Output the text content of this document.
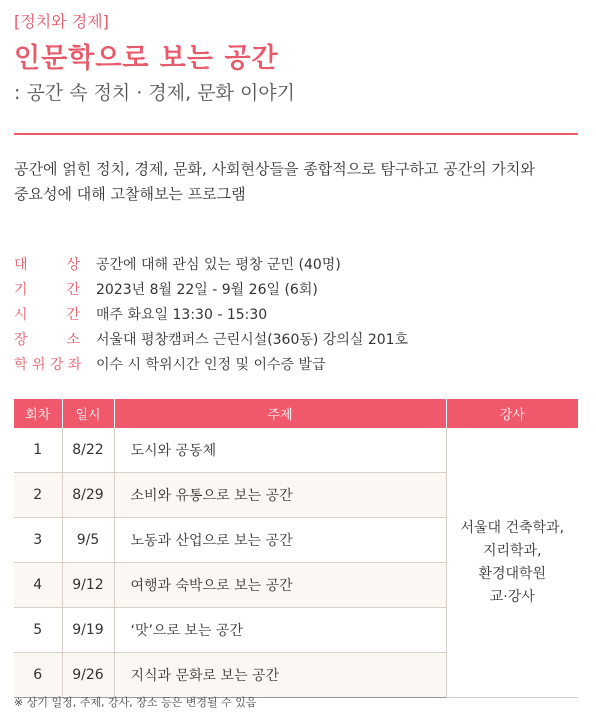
[정치와 경제]
인문학으로 보는 공간
: 공간 속 정치 · 경제, 문화 이야기
공간에 얽힌 정치, 경제, 문화, 사회현상들을 종합적으로 탐구하고 공간의 가치와
중요성에 대해 고찰해보는 프로그램
대	상 공간에 대해 관심 있는 평창 군민 (40명)
기	간 2023년 8월 22일 - 9월 26일 (6회)
시	간 매주 화요일 13:30 - 15:30
장	소 서울대 평창캠퍼스 근린시설(360동) 강의실 201호
학 위 강 좌 이수 시 학위시간 인정 및 이수증 발급
회차	일시	주제	강사
1	8/22	도시와 공동체	서울대 건축학과,
지리학과,
환경대학원
교·강사

2	8/29	소비와 유통으로 보는 공간	
3	9/5	노동과 산업으로 보는 공간	
4	9/12	여행과 숙박으로 보는 공간	
5	9/19	‘맛’으로 보는 공간	
6	9/26	지식과 문화로 보는 공간	
※ 상기 일정, 주제, 강사, 장소 등은 변경될 수 있음
